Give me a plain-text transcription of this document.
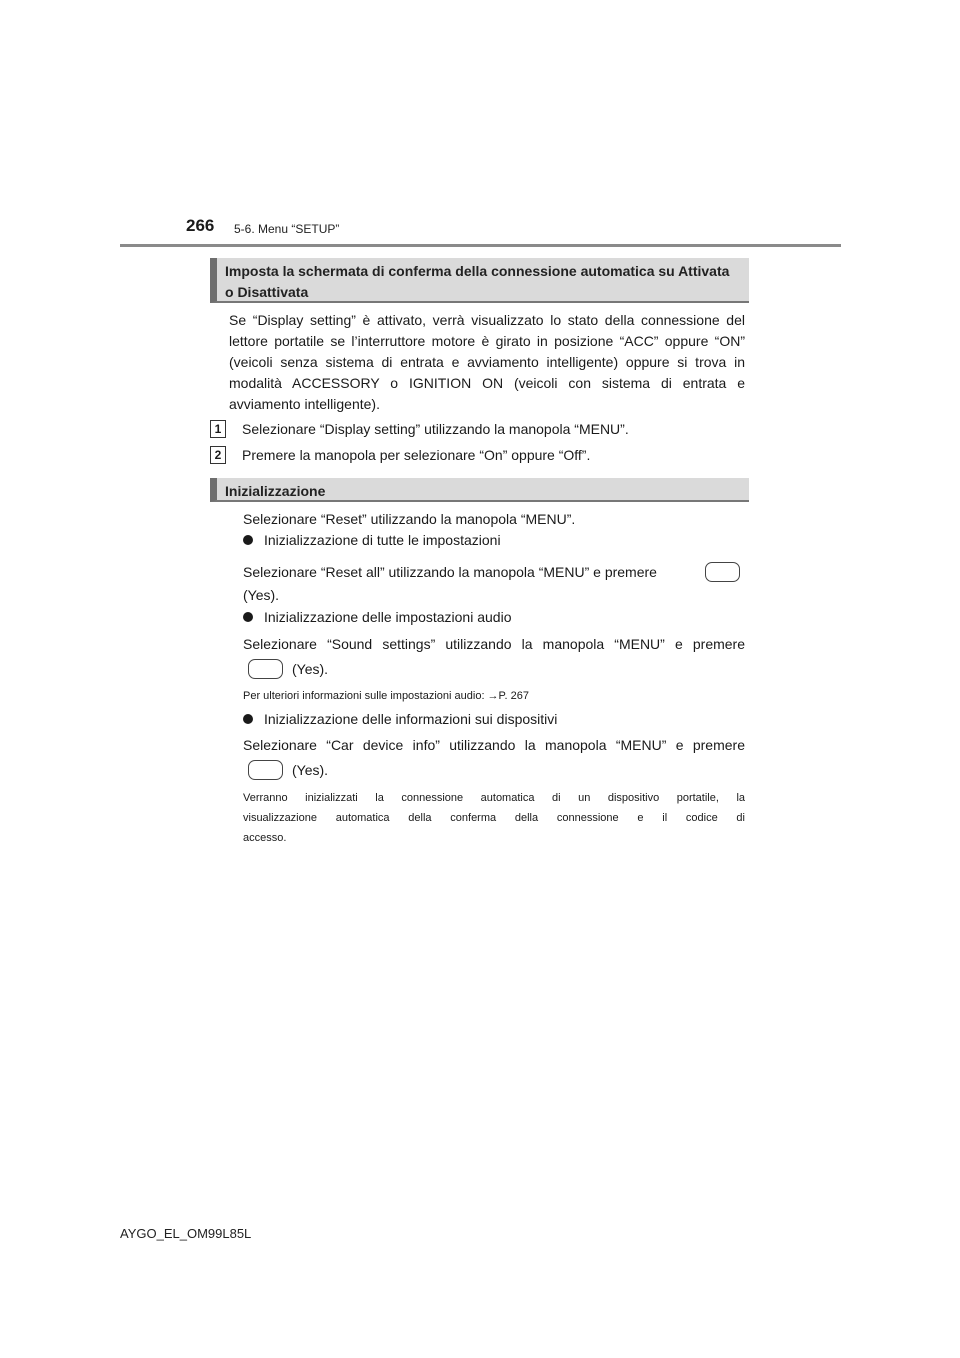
266 5-6. Menu “SETUP”
Imposta la schermata di conferma della connessione automatica su Attivata o Disattivata
Se “Display setting” è attivato, verrà visualizzato lo stato della connessione del lettore portatile se l’interruttore motore è girato in posizione “ACC” oppure “ON” (veicoli senza sistema di entrata e avviamento intelligente) oppure si trova in modalità ACCESSORY o IGNITION ON (veicoli con sistema di entrata e avviamento intelligente).
1	Selezionare “Display setting” utilizzando la manopola “MENU”.
2	Premere la manopola per selezionare “On” oppure “Off”.
Inizializzazione
Selezionare “Reset” utilizzando la manopola “MENU”.
Inizializzazione di tutte le impostazioni
Selezionare “Reset all” utilizzando la manopola “MENU” e premere
(Yes).
Inizializzazione delle impostazioni audio
Selezionare “Sound settings” utilizzando la manopola “MENU” e premere
(Yes).
Per ulteriori informazioni sulle impostazioni audio: →P. 267
Inizializzazione delle informazioni sui dispositivi
Selezionare “Car device info” utilizzando la manopola “MENU” e premere
(Yes).
Verranno inizializzati la connessione automatica di un dispositivo portatile, la
visualizzazione automatica della conferma della connessione e il codice di
accesso.
AYGO_EL_OM99L85L
